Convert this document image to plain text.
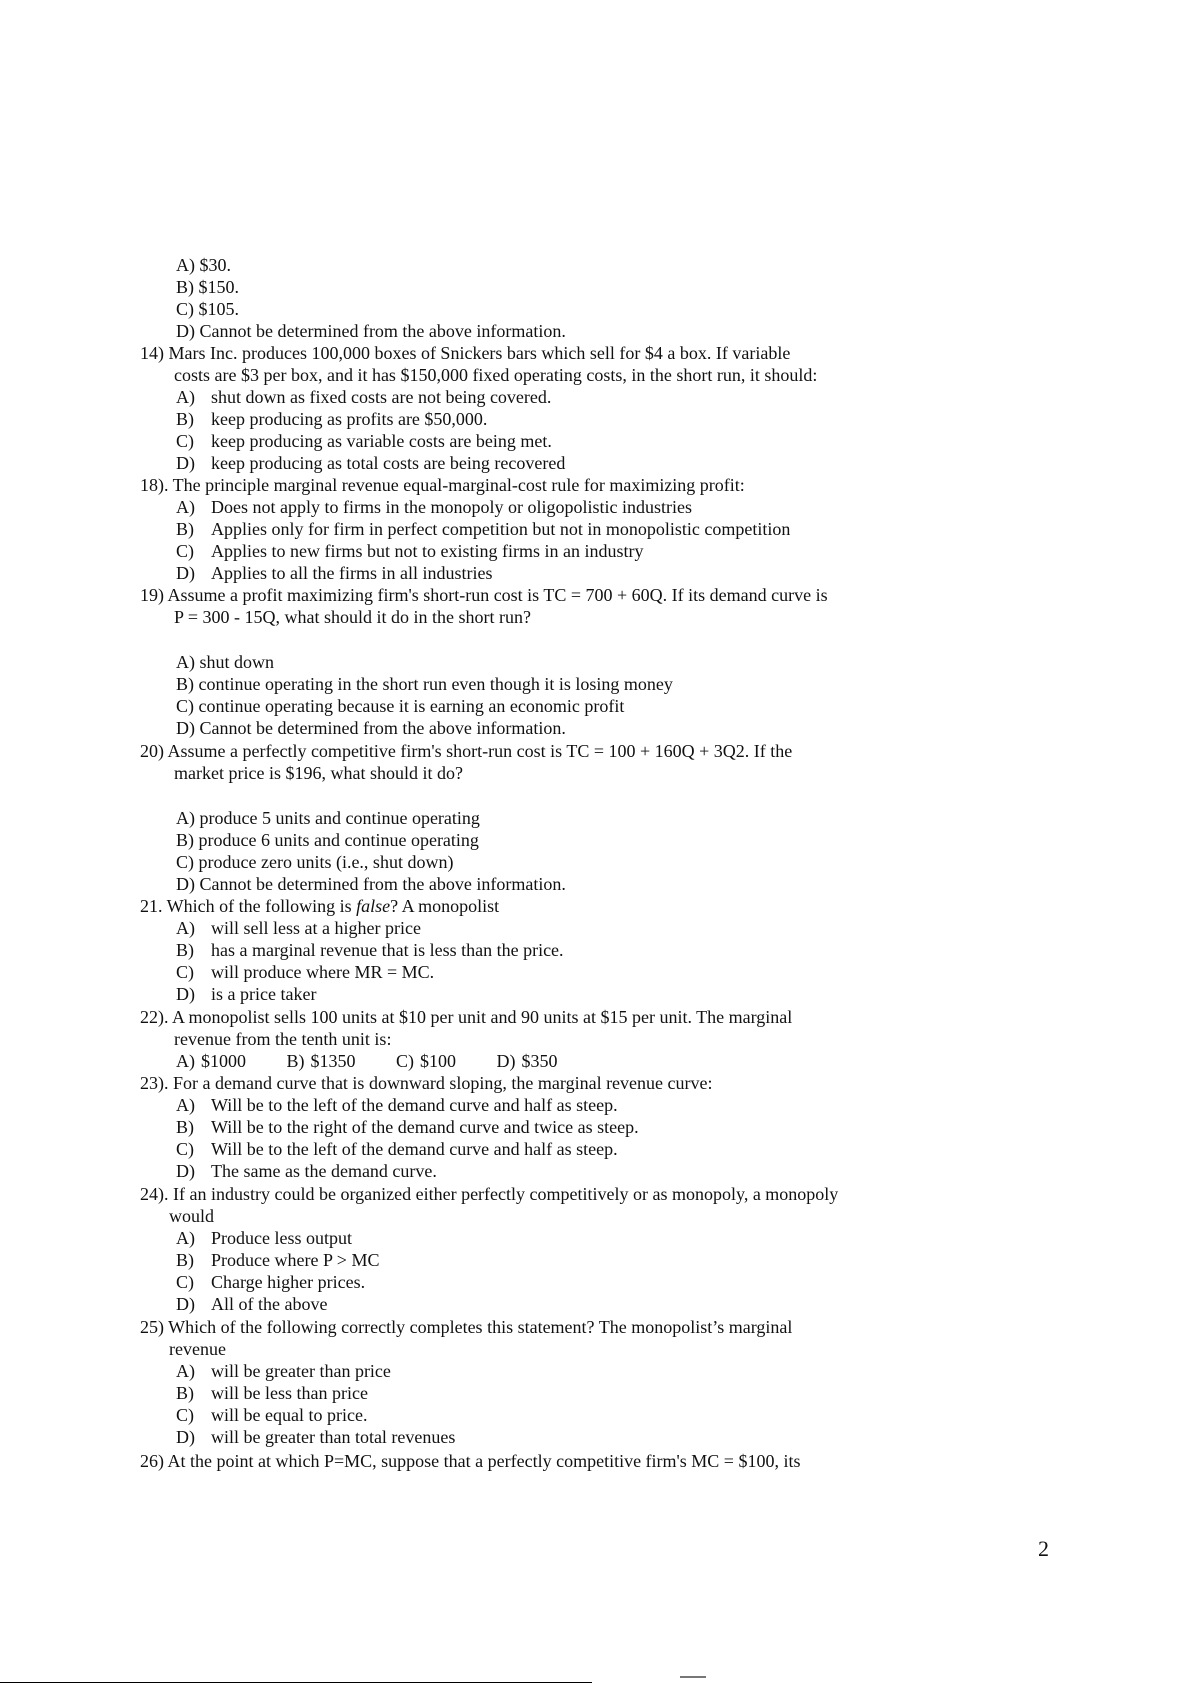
A) $30.
B) $150.
C) $105.
D) Cannot be determined from the above information.
14) Mars Inc. produces 100,000 boxes of Snickers bars which sell for $4 a box. If variable
costs are $3 per box, and it has $150,000 fixed operating costs, in the short run, it should:
A) shut down as fixed costs are not being covered.
B) keep producing as profits are $50,000.
C) keep producing as variable costs are being met.
D) keep producing as total costs are being recovered
18). The principle marginal revenue equal-marginal-cost rule for maximizing profit:
A) Does not apply to firms in the monopoly or oligopolistic industries
B) Applies only for firm in perfect competition but not in monopolistic competition
C) Applies to new firms but not to existing firms in an industry
D) Applies to all the firms in all industries
19) Assume a profit maximizing firm's short-run cost is TC = 700 + 60Q. If its demand curve is
P = 300 - 15Q, what should it do in the short run?
A) shut down
B) continue operating in the short run even though it is losing money
C) continue operating because it is earning an economic profit
D) Cannot be determined from the above information.
20) Assume a perfectly competitive firm's short-run cost is TC = 100 + 160Q + 3Q2. If the
market price is $196, what should it do?
A) produce 5 units and continue operating
B) produce 6 units and continue operating
C) produce zero units (i.e., shut down)
D) Cannot be determined from the above information.
21. Which of the following is false? A monopolist
A) will sell less at a higher price
B) has a marginal revenue that is less than the price.
C) will produce where MR = MC.
D) is a price taker
22). A monopolist sells 100 units at $10 per unit and 90 units at $15 per unit. The marginal
revenue from the tenth unit is:
A) $1000 B) $1350 C) $100 D) $350
23). For a demand curve that is downward sloping, the marginal revenue curve:
A) Will be to the left of the demand curve and half as steep.
B) Will be to the right of the demand curve and twice as steep.
C) Will be to the left of the demand curve and half as steep.
D) The same as the demand curve.
24). If an industry could be organized either perfectly competitively or as monopoly, a monopoly
would
A) Produce less output
B) Produce where P > MC
C) Charge higher prices.
D) All of the above
25) Which of the following correctly completes this statement? The monopolist’s marginal
revenue
A) will be greater than price
B) will be less than price
C) will be equal to price.
D) will be greater than total revenues
26) At the point at which P=MC, suppose that a perfectly competitive firm's MC = $100, its
2
